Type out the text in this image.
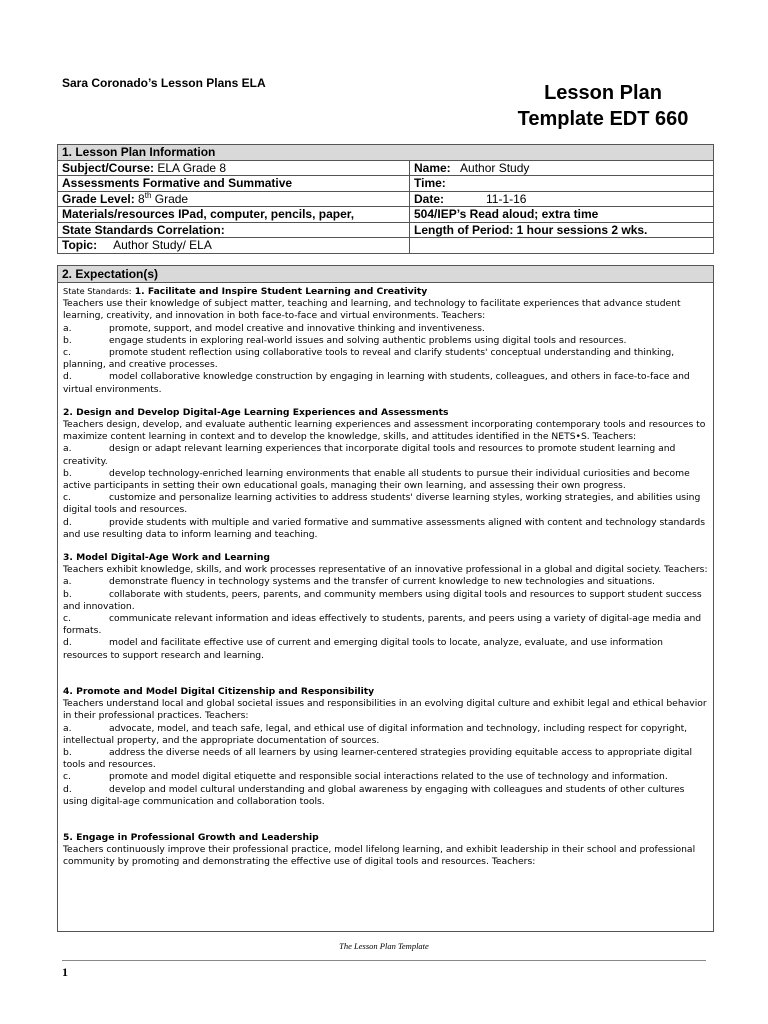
Sara Coronado’s Lesson Plans ELA	Lesson Plan
Template EDT 660
1. Lesson Plan Information	
Subject/Course: ELA Grade 8	Name: Author Study
Assessments Formative and Summative	Time:
Grade Level: 8th Grade	Date: 11-1-16
Materials/resources IPad, computer, pencils, paper,	504/IEP’s Read aloud; extra time
State Standards Correlation:	Length of Period: 1 hour sessions 2 wks.
Topic: Author Study/ ELA	
2. Expectation(s)
State Standards: 1. Facilitate and Inspire Student Learning and Creativity

Teachers use their knowledge of subject matter, teaching and learning, and technology to facilitate experiences that advance student learning, creativity, and innovation in both face-to-face and virtual environments. Teachers:

a.	promote, support, and model creative and innovative thinking and inventiveness.

b.	engage students in exploring real-world issues and solving authentic problems using digital tools and resources.

c.	promote student reflection using collaborative tools to reveal and clarify students' conceptual understanding and thinking, planning, and creative processes.

d.	model collaborative knowledge construction by engaging in learning with students, colleagues, and others in face-to-face and virtual environments.

2. Design and Develop Digital-Age Learning Experiences and Assessments

Teachers design, develop, and evaluate authentic learning experiences and assessment incorporating contemporary tools and resources to maximize content learning in context and to develop the knowledge, skills, and attitudes identified in the NETS•S. Teachers:

a.	design or adapt relevant learning experiences that incorporate digital tools and resources to promote student learning and creativity.

b.	develop technology-enriched learning environments that enable all students to pursue their individual curiosities and become active participants in setting their own educational goals, managing their own learning, and assessing their own progress.

c.	customize and personalize learning activities to address students' diverse learning styles, working strategies, and abilities using digital tools and resources.

d.	provide students with multiple and varied formative and summative assessments aligned with content and technology standards and use resulting data to inform learning and teaching.

3. Model Digital-Age Work and Learning

Teachers exhibit knowledge, skills, and work processes representative of an innovative professional in a global and digital society. Teachers:

a.	demonstrate fluency in technology systems and the transfer of current knowledge to new technologies and situations.

b.	collaborate with students, peers, parents, and community members using digital tools and resources to support student success and innovation.

c.	communicate relevant information and ideas effectively to students, parents, and peers using a variety of digital-age media and formats.

d.	model and facilitate effective use of current and emerging digital tools to locate, analyze, evaluate, and use information resources to support research and learning.

4. Promote and Model Digital Citizenship and Responsibility

Teachers understand local and global societal issues and responsibilities in an evolving digital culture and exhibit legal and ethical behavior in their professional practices. Teachers:

a.	advocate, model, and teach safe, legal, and ethical use of digital information and technology, including respect for copyright, intellectual property, and the appropriate documentation of sources.

b.	address the diverse needs of all learners by using learner-centered strategies providing equitable access to appropriate digital tools and resources.

c.	promote and model digital etiquette and responsible social interactions related to the use of technology and information.

d.	develop and model cultural understanding and global awareness by engaging with colleagues and students of other cultures using digital-age communication and collaboration tools.

5. Engage in Professional Growth and Leadership

Teachers continuously improve their professional practice, model lifelong learning, and exhibit leadership in their school and professional community by promoting and demonstrating the effective use of digital tools and resources. Teachers:

The Lesson Plan Template
1
